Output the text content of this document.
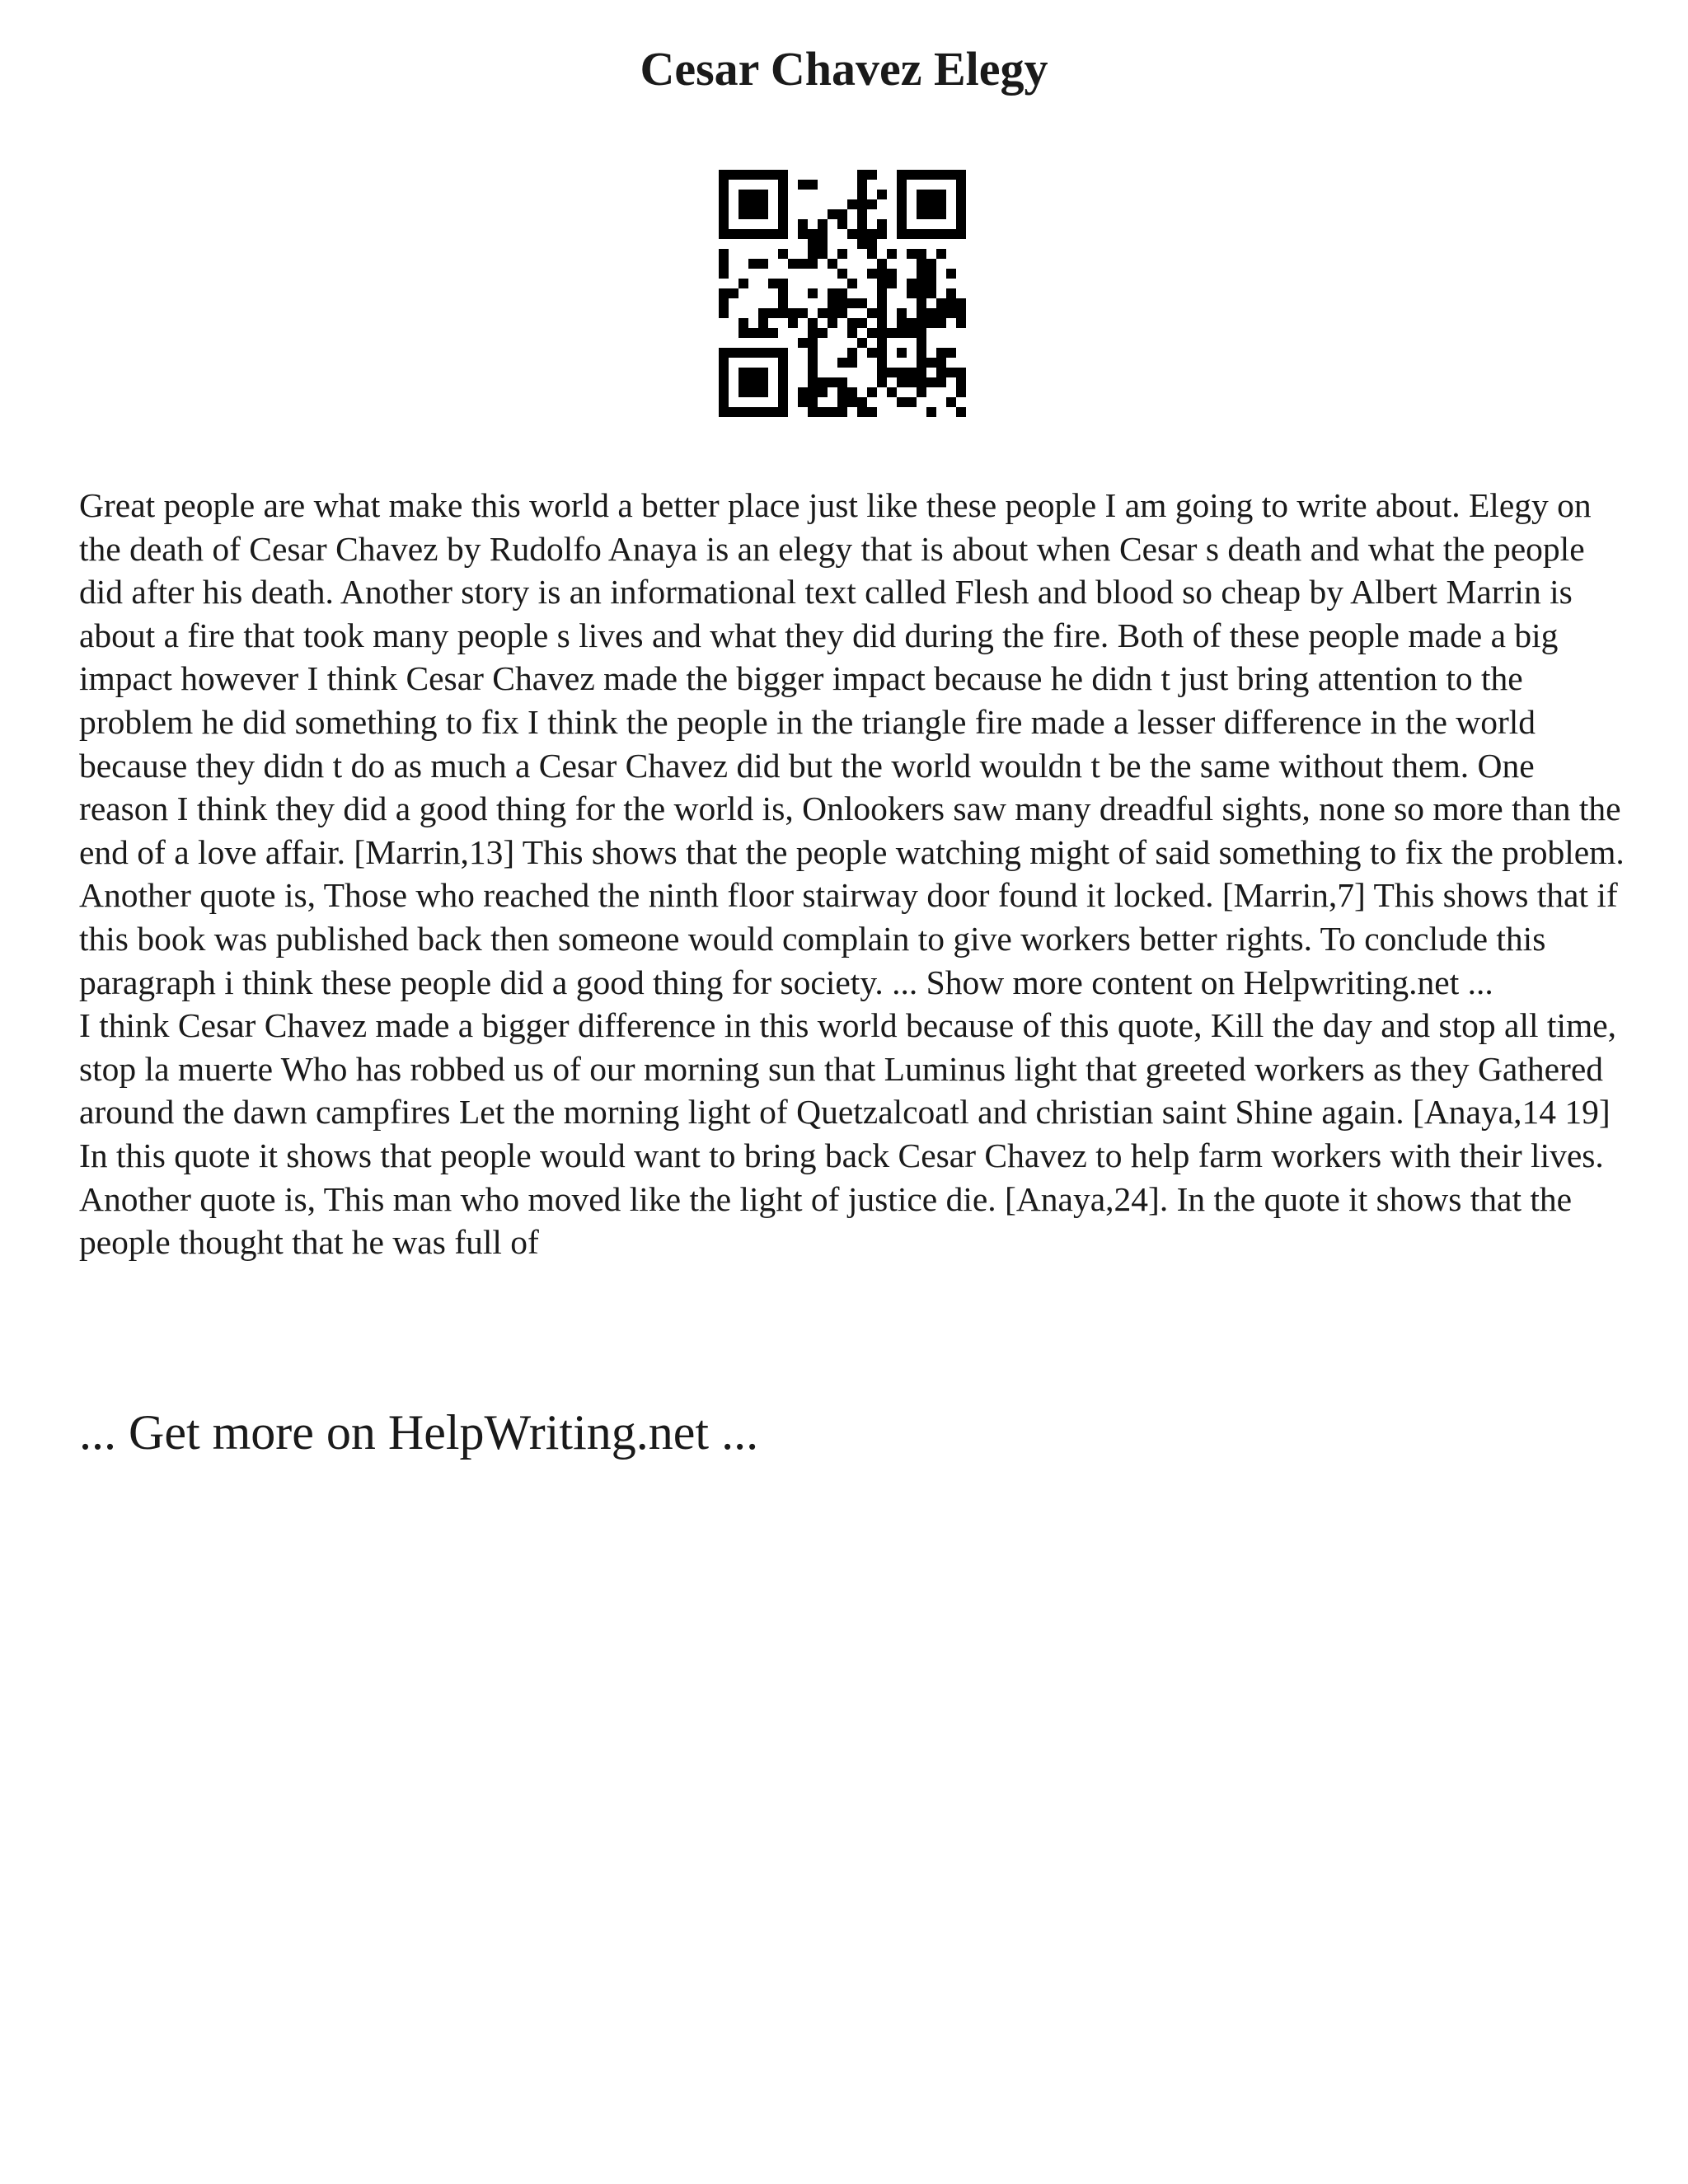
Cesar Chavez Elegy

Great people are what make this world a better place just like these people I am going to write about. Elegy on the death of Cesar Chavez by Rudolfo Anaya is an elegy that is about when Cesar s death and what the people did after his death. Another story is an informational text called Flesh and blood so cheap by Albert Marrin is about a fire that took many people s lives and what they did during the fire. Both of these people made a big impact however I think Cesar Chavez made the bigger impact because he didn t just bring attention to the problem he did something to fix I think the people in the triangle fire made a lesser difference in the world because they didn t do as much a Cesar Chavez did but the world wouldn t be the same without them. One reason I think they did a good thing for the world is, Onlookers saw many dreadful sights, none so more than the end of a love affair. [Marrin,13] This shows that the people watching might of said something to fix the problem. Another quote is, Those who reached the ninth floor stairway door found it locked. [Marrin,7] This shows that if this book was published back then someone would complain to give workers better rights. To conclude this paragraph i think these people did a good thing for society. ... Show more content on Helpwriting.net ...

I think Cesar Chavez made a bigger difference in this world because of this quote, Kill the day and stop all time, stop la muerte Who has robbed us of our morning sun that Luminus light that greeted workers as they Gathered around the dawn campfires Let the morning light of Quetzalcoatl and christian saint Shine again. [Anaya,14 19] In this quote it shows that people would want to bring back Cesar Chavez to help farm workers with their lives. Another quote is, This man who moved like the light of justice die. [Anaya,24]. In the quote it shows that the people thought that he was full of

... Get more on HelpWriting.net ...
